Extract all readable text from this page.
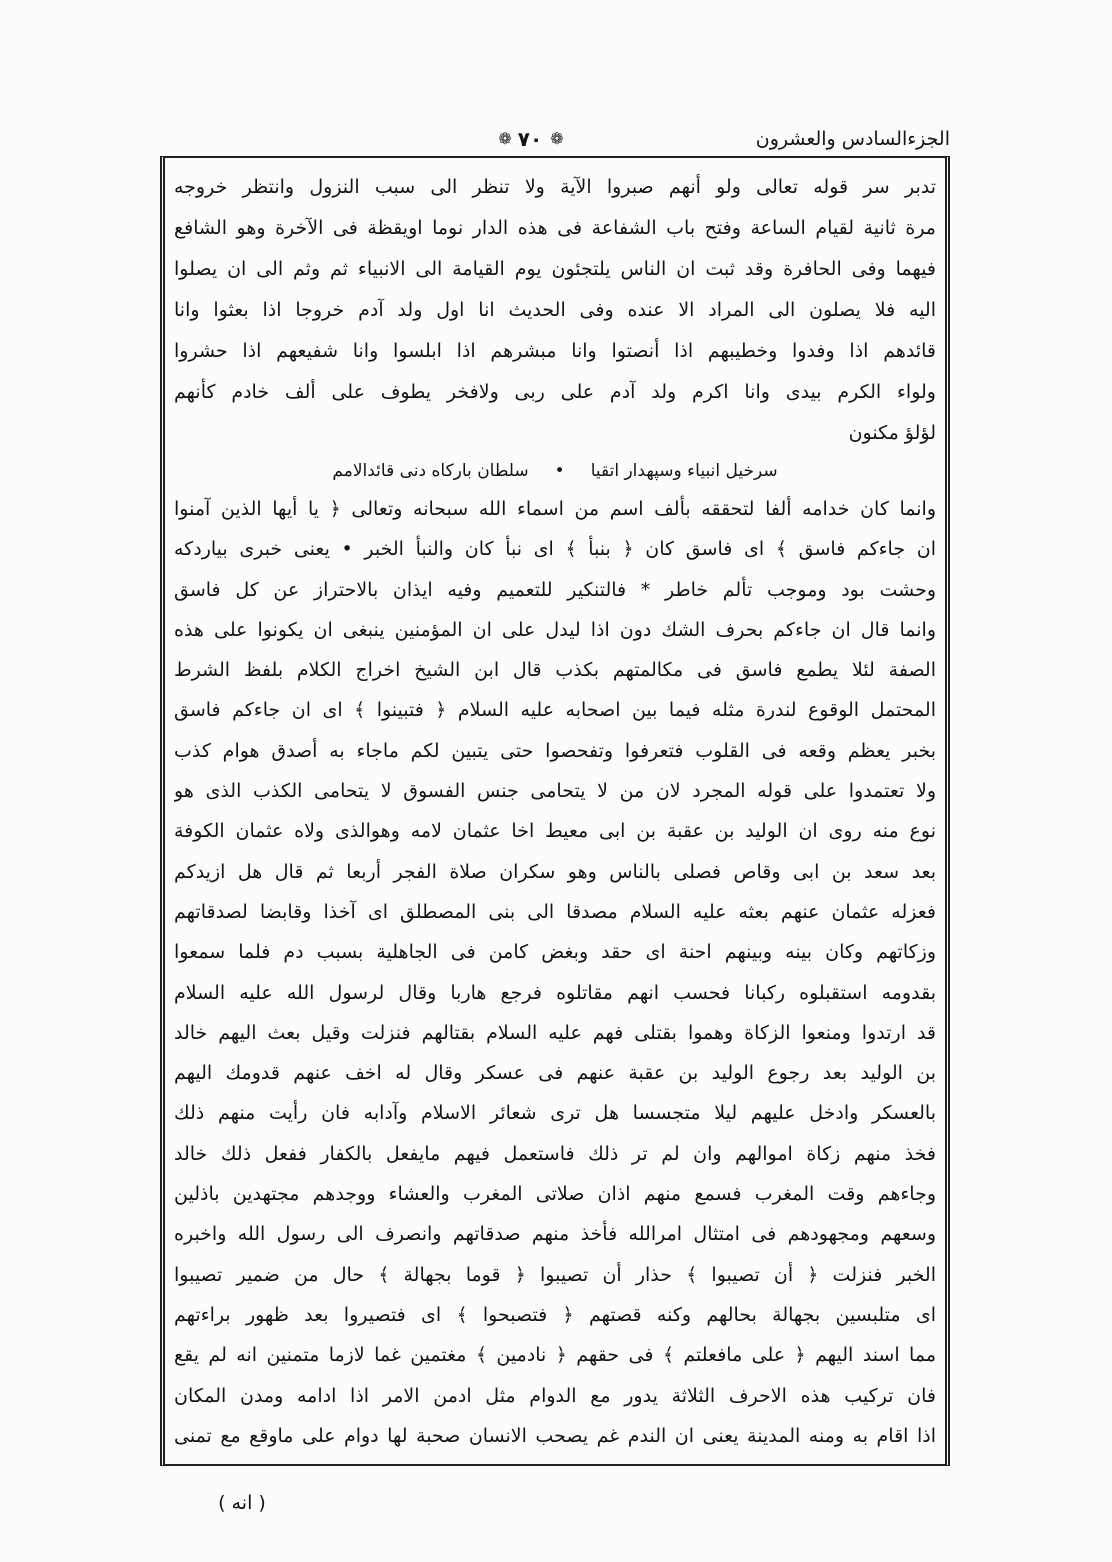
الجزءالسادس والعشرون
❁ ٧٠ ❁
تدبر سر قوله تعالى ولو أنهم صبروا الآية ولا تنظر الى سبب النزول وانتظر خروجه
مرة ثانية لقيام الساعة وفتح باب الشفاعة فى هذه الدار نوما اويقظة فى الآخرة وهو الشافع
فيهما وفى الحافرة وقد ثبت ان الناس يلتجئون يوم القيامة الى الانبياء ثم وثم الى ان يصلوا
اليه فلا يصلون الى المراد الا عنده وفى الحديث انا اول ولد آدم خروجا اذا بعثوا وانا
قائدهم اذا وفدوا وخطيبهم اذا أنصتوا وانا مبشرهم اذا ابلسوا وانا شفيعهم اذا حشروا
ولواء الكرم بيدى وانا اكرم ولد آدم على ربى ولافخر يطوف على ألف خادم كأنهم
لؤلؤ مكنون
سرخيل انبياء وسپهدار اتقيا
•
سلطان باركاه دنى قائدالامم
وانما كان خدامه ألفا لتحققه بألف اسم من اسماء الله سبحانه وتعالى ﴿ يا أيها الذين آمنوا
ان جاءكم فاسق ﴾ اى فاسق كان ﴿ بنبأ ﴾ اى نبأ كان والنبأ الخبر • يعنى خبرى بياردكه
وحشت بود وموجب تألم خاطر * فالتنكير للتعميم وفيه ايذان بالاحتراز عن كل فاسق
وانما قال ان جاءكم بحرف الشك دون اذا ليدل على ان المؤمنين ينبغى ان يكونوا على هذه
الصفة لئلا يطمع فاسق فى مكالمتهم بكذب قال ابن الشيخ اخراج الكلام بلفظ الشرط
المحتمل الوقوع لندرة مثله فيما بين اصحابه عليه السلام ﴿ فتبينوا ﴾ اى ان جاءكم فاسق
بخبر يعظم وقعه فى القلوب فتعرفوا وتفحصوا حتى يتبين لكم ماجاء به أصدق هوام كذب
ولا تعتمدوا على قوله المجرد لان من لا يتحامى جنس الفسوق لا يتحامى الكذب الذى هو
نوع منه روى ان الوليد بن عقبة بن ابى معيط اخا عثمان لامه وهوالذى ولاه عثمان الكوفة
بعد سعد بن ابى وقاص فصلى بالناس وهو سكران صلاة الفجر أربعا ثم قال هل ازيدكم
فعزله عثمان عنهم بعثه عليه السلام مصدقا الى بنى المصطلق اى آخذا وقابضا لصدقاتهم
وزكاتهم وكان بينه وبينهم احنة اى حقد وبغض كامن فى الجاهلية بسبب دم فلما سمعوا
بقدومه استقبلوه ركبانا فحسب انهم مقاتلوه فرجع هاربا وقال لرسول الله عليه السلام
قد ارتدوا ومنعوا الزكاة وهموا بقتلى فهم عليه السلام بقتالهم فنزلت وقيل بعث اليهم خالد
بن الوليد بعد رجوع الوليد بن عقبة عنهم فى عسكر وقال له اخف عنهم قدومك اليهم
بالعسكر وادخل عليهم ليلا متجسسا هل ترى شعائر الاسلام وآدابه فان رأيت منهم ذلك
فخذ منهم زكاة اموالهم وان لم تر ذلك فاستعمل فيهم مايفعل بالكفار ففعل ذلك خالد
وجاءهم وقت المغرب فسمع منهم اذان صلاتى المغرب والعشاء ووجدهم مجتهدين باذلين
وسعهم ومجهودهم فى امتثال امرالله فأخذ منهم صدقاتهم وانصرف الى رسول الله واخبره
الخبر فنزلت ﴿ أن تصيبوا ﴾ حذار أن تصيبوا ﴿ قوما بجهالة ﴾ حال من ضمير تصيبوا
اى متلبسين بجهالة بحالهم وكنه قصتهم ﴿ فتصبحوا ﴾ اى فتصيروا بعد ظهور براءتهم
مما اسند اليهم ﴿ على مافعلتم ﴾ فى حقهم ﴿ نادمين ﴾ مغتمين غما لازما متمنين انه لم يقع
فان تركيب هذه الاحرف الثلاثة يدور مع الدوام مثل ادمن الامر اذا ادامه ومدن المكان
اذا اقام به ومنه المدينة يعنى ان الندم غم يصحب الانسان صحبة لها دوام على ماوقع مع تمنى
( انه )
